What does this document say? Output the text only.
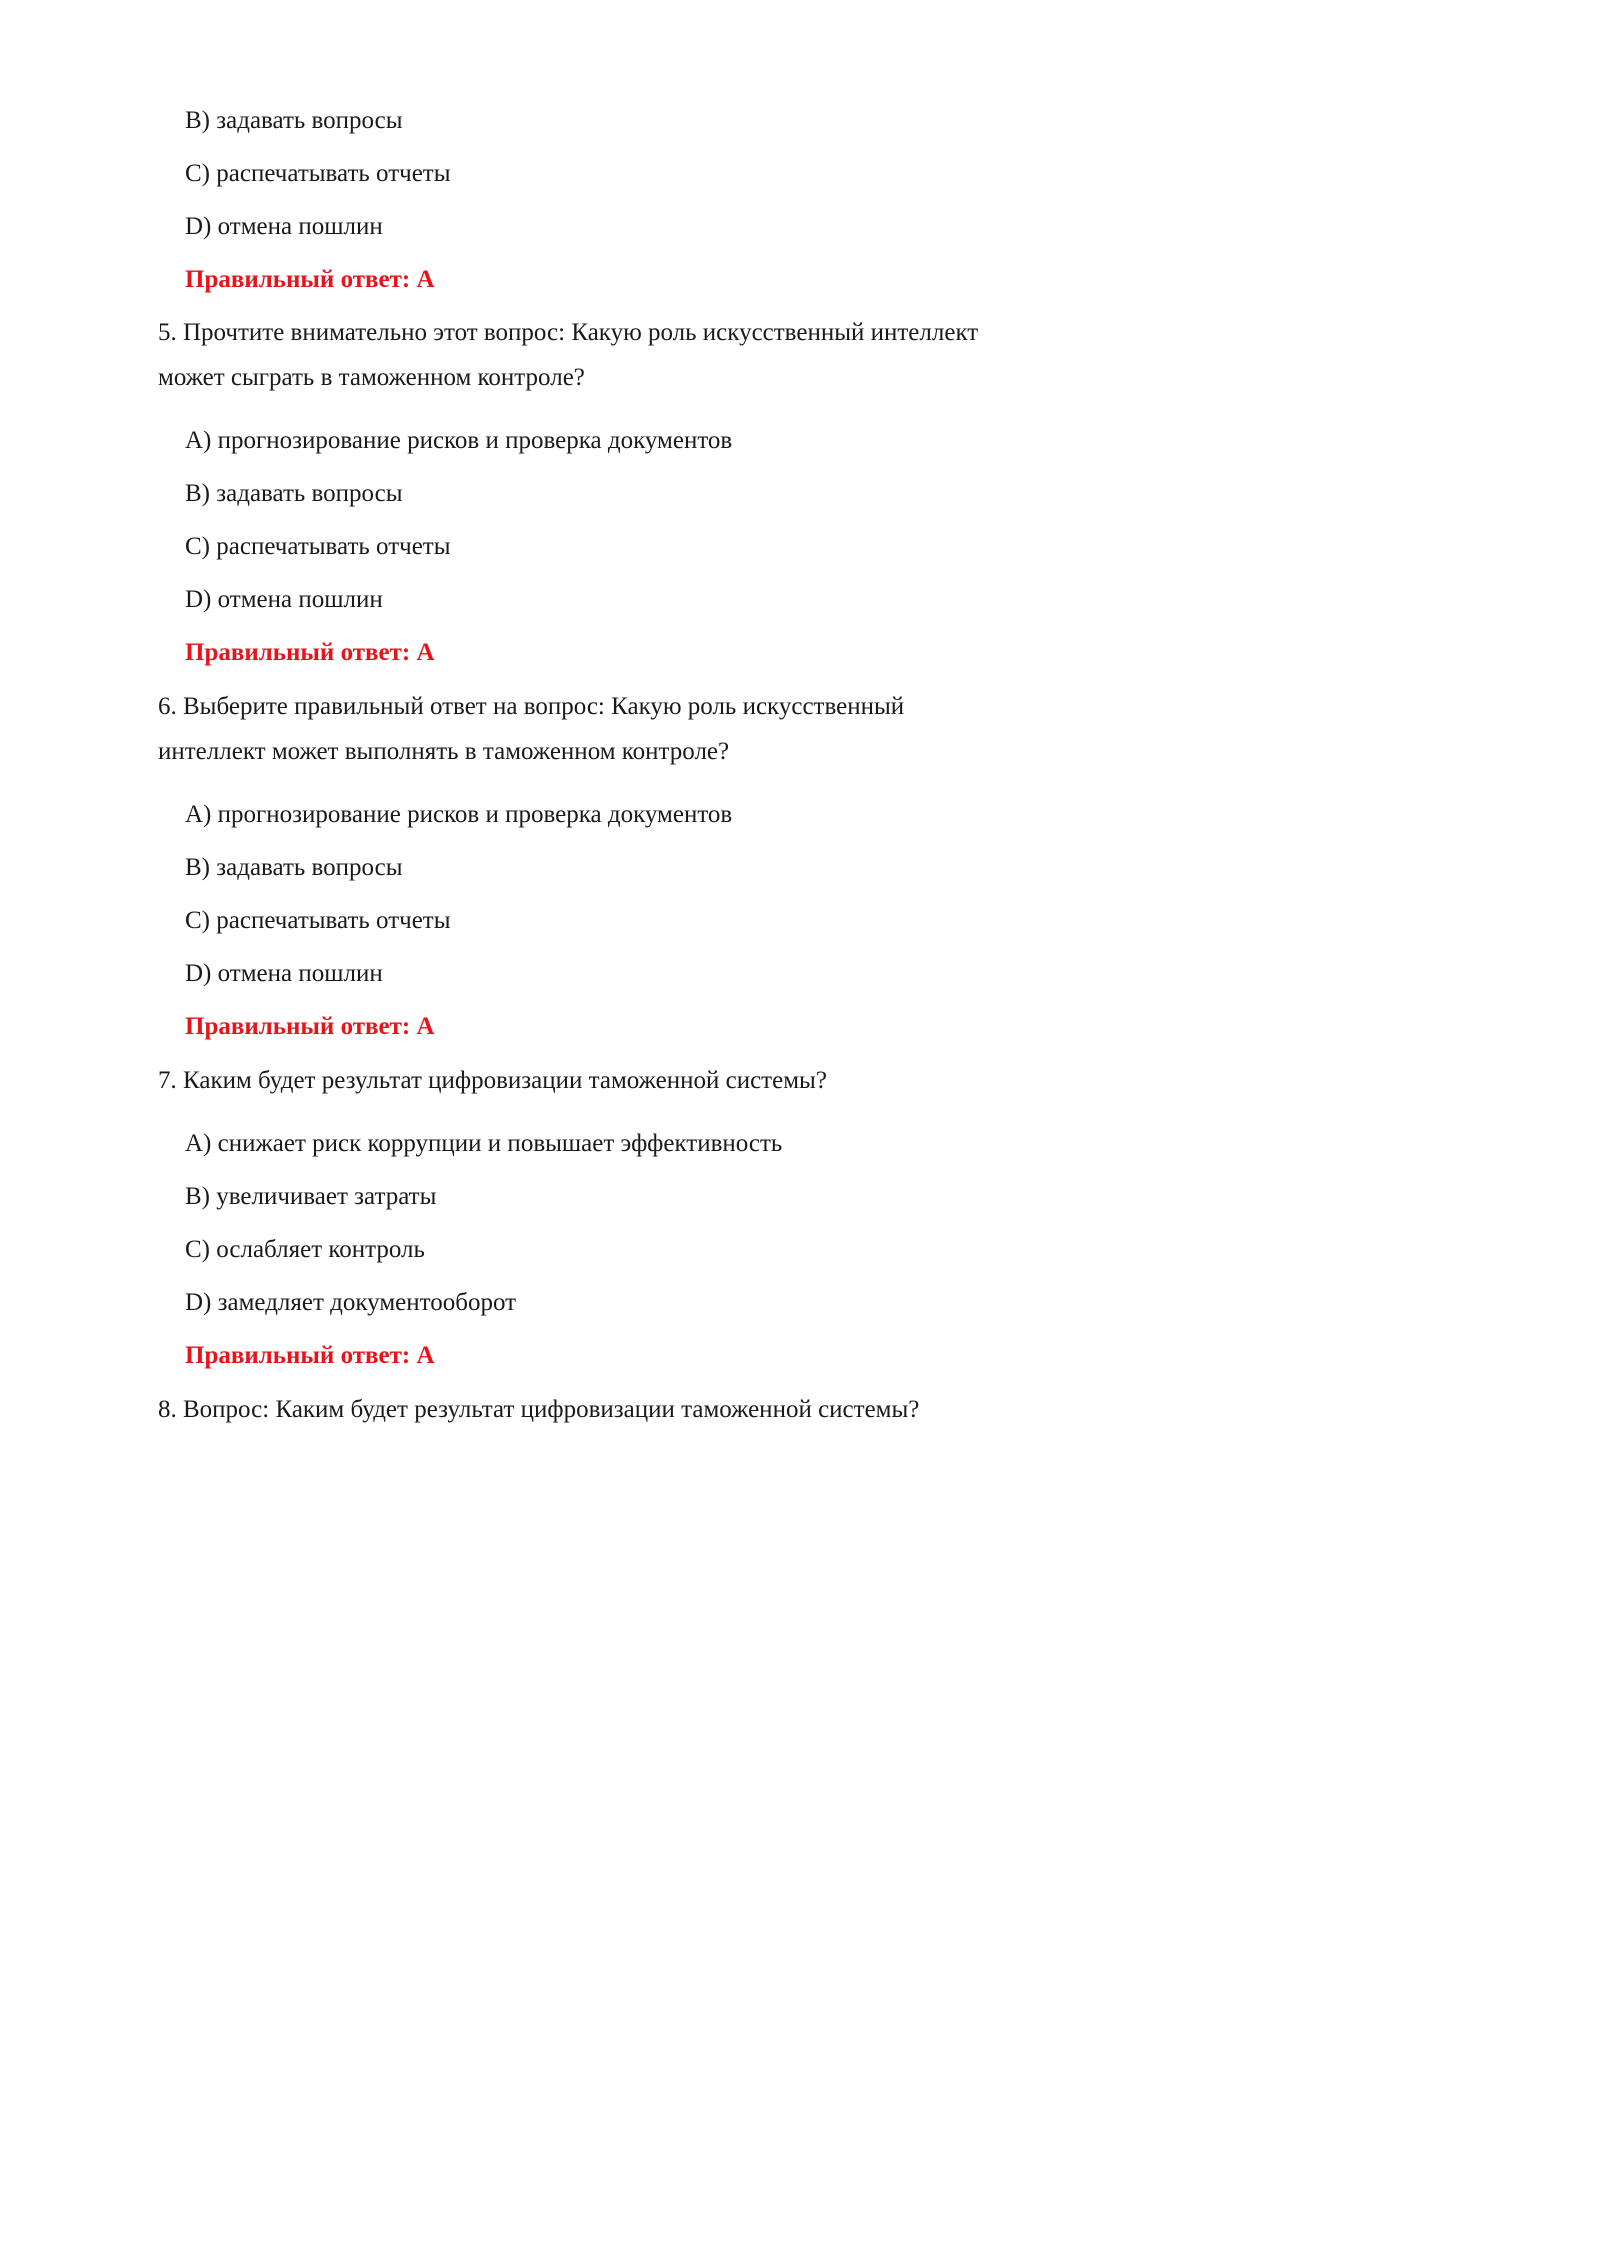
B) задавать вопросы
C) распечатывать отчеты
D) отмена пошлин
Правильный ответ: A
5. Прочтите внимательно этот вопрос: Какую роль искусственный интеллект
может сыграть в таможенном контроле?
A) прогнозирование рисков и проверка документов
B) задавать вопросы
C) распечатывать отчеты
D) отмена пошлин
Правильный ответ: A
6. Выберите правильный ответ на вопрос: Какую роль искусственный
интеллект может выполнять в таможенном контроле?
A) прогнозирование рисков и проверка документов
B) задавать вопросы
C) распечатывать отчеты
D) отмена пошлин
Правильный ответ: A
7. Каким будет результат цифровизации таможенной системы?
A) снижает риск коррупции и повышает эффективность
B) увеличивает затраты
C) ослабляет контроль
D) замедляет документооборот
Правильный ответ: A
8. Вопрос: Каким будет результат цифровизации таможенной системы?
